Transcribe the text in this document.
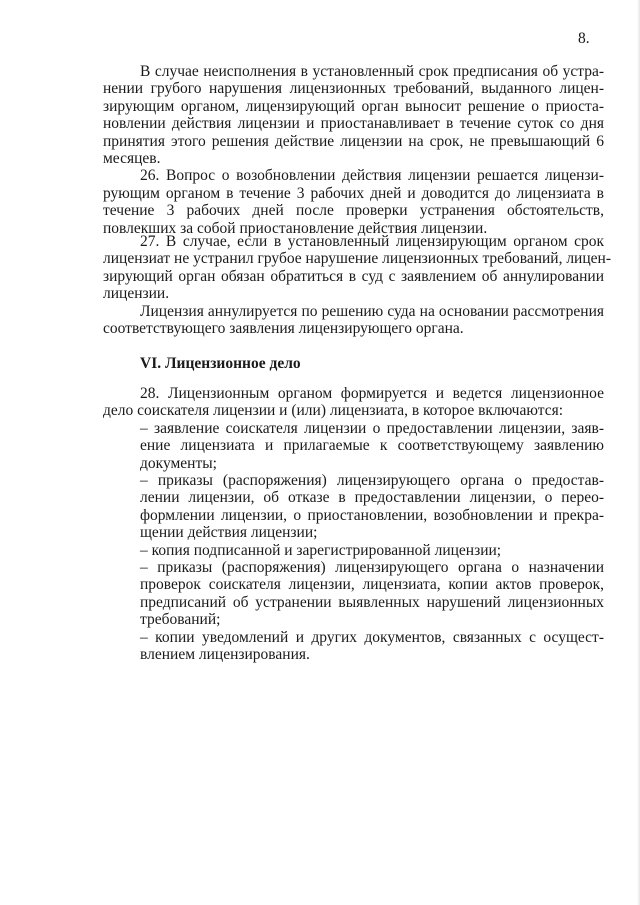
8.
В случае неисполнения в установленный срок предписания об устра-
нении грубого нарушения лицензионных требований, выданного лицен-
зирующим органом, лицензирующий орган выносит решение о приоста-
новлении действия лицензии и приостанавливает в течение суток со дня
принятия этого решения действие лицензии на срок, не превышающий 6
месяцев.
26. Вопрос о возобновлении действия лицензии решается лицензи-
рующим органом в течение 3 рабочих дней и доводится до лицензиата в
течение 3 рабочих дней после проверки устранения обстоятельств,
повлекших за собой приостановление действия лицензии.
27. В случае, если в установленный лицензирующим органом срок
лицензиат не устранил грубое нарушение лицензионных требований, лицен-
зирующий орган обязан обратиться в суд с заявлением об аннулировании
лицензии.
Лицензия аннулируется по решению суда на основании рассмотрения
соответствующего заявления лицензирующего органа.
VI. Лицензионное дело
28. Лицензионным органом формируется и ведется лицензионное
дело соискателя лицензии и (или) лицензиата, в которое включаются:
– заявление соискателя лицензии о предоставлении лицензии, заяв-
ение лицензиата и прилагаемые к соответствующему заявлению
документы;
– приказы (распоряжения) лицензирующего органа о предостав-
лении лицензии, об отказе в предоставлении лицензии, о перео-
формлении лицензии, о приостановлении, возобновлении и прекра-
щении действия лицензии;
– копия подписанной и зарегистрированной лицензии;
– приказы (распоряжения) лицензирующего органа о назначении
проверок соискателя лицензии, лицензиата, копии актов проверок,
предписаний об устранении выявленных нарушений лицензионных
требований;
– копии уведомлений и других документов, связанных с осущест-
влением лицензирования.
